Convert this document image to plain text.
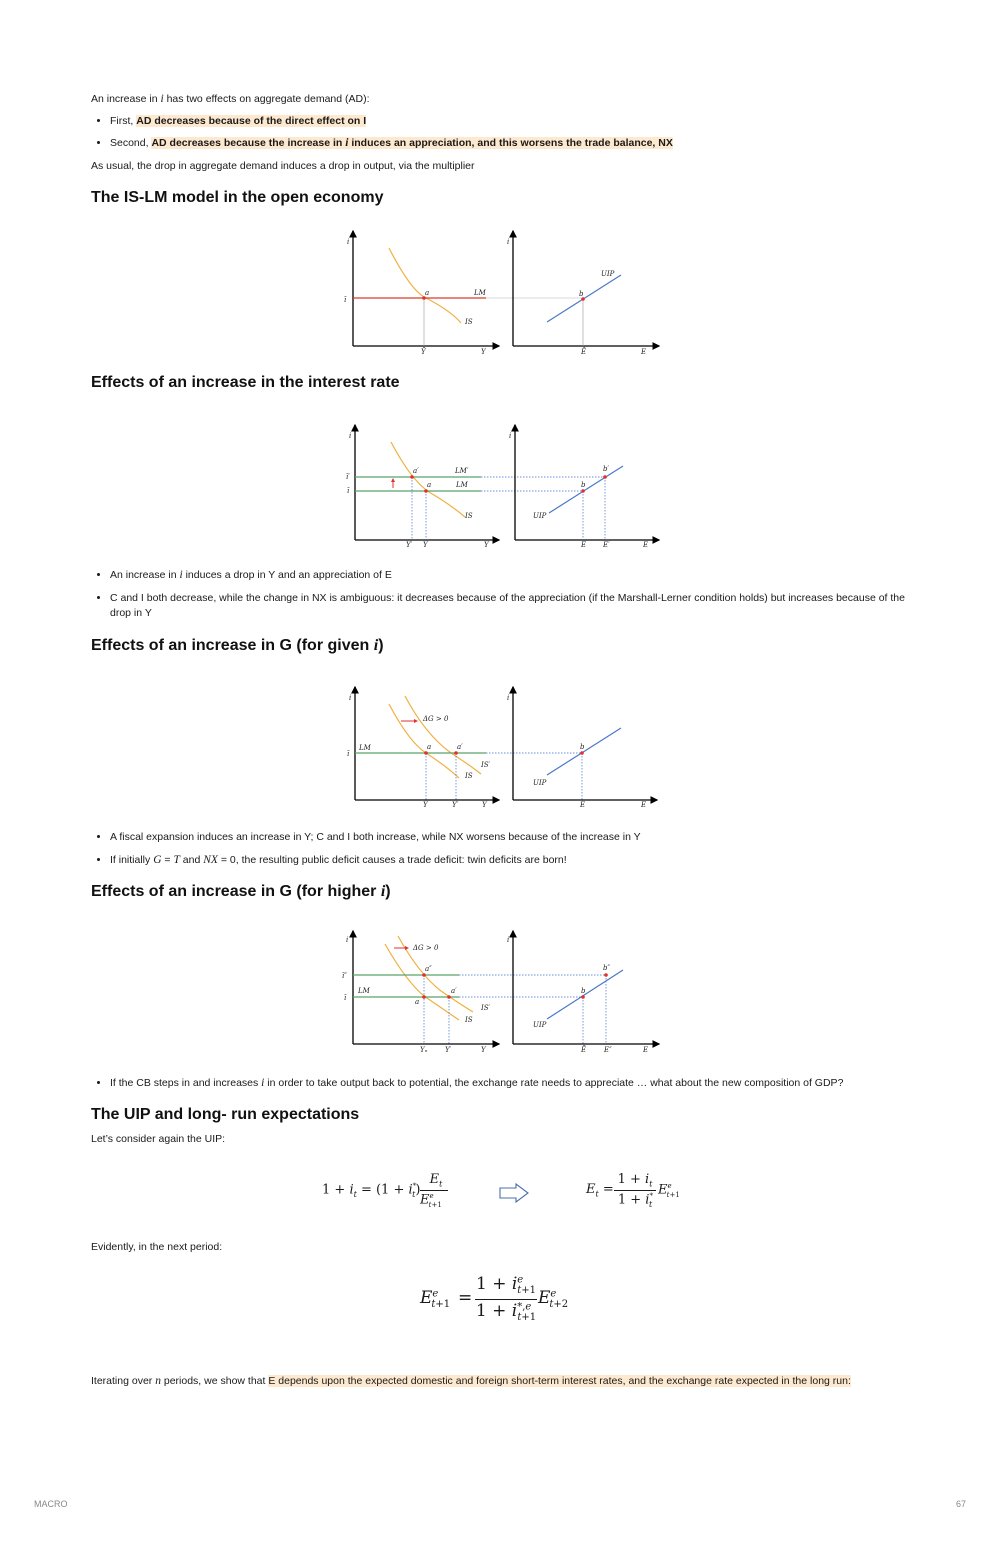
An increase in i has two effects on aggregate demand (AD):

• First, AD decreases because of the direct effect on I
• Second, AD decreases because the increase in i induces an appreciation, and this worsens the trade balance, NX

As usual, the drop in aggregate demand induces a drop in output, via the multiplier

The IS-LM model in the open economy
i
ī
a	LM
IS
Ȳ	Y
i
b
UIP
Ē	E
Effects of an increase in the interest rate
i
ī′
ī
a′
a
LM′
LM
IS
Y′ Ȳ	Y
i
b′
b
UIP
Ē E′	E
• An increase in i induces a drop in Y and an appreciation of E
• C and I both decrease, while the change in NX is ambiguous: it decreases because of the appreciation (if the Marshall-Lerner condition holds) but increases because of the drop in Y
Effects of an increase in G (for given i)
i
ī
LM
ΔG > 0
a	a′
IS′
IS
Ȳ	Y′	Y
i
b
UIP
Ē	E
• A fiscal expansion induces an increase in Y; C and I both increase, while NX worsens because of the increase in Y
• If initially G = T and NX = 0, the resulting public deficit causes a trade deficit: twin deficits are born!
Effects of an increase in G (for higher i)
i
ī″
ī
ΔG > 0
a″
LM	a′
a
IS′
IS
Yₙ	Y′	Y
i
b″
b
UIP
Ē	E″	E
• If the CB steps in and increases i in order to take output back to potential, the exchange rate needs to appreciate … what about the new composition of GDP?
The UIP and long- run expectations

Let’s consider again the UIP:

$1 + i_t = (1 + i^*_t)$
$E_t$
$E^e_{t+1}$
$E_t$ =
$1 + i_t$
$1 + i^*_t$
$E^e_{t+1}$

Evidently, in the next period:

$E^e_{t+1}$ =
$1 + i^e_{t+1}$
$1 + i^{*,e}_{t+1}$
$E^e_{t+2}$

Iterating over n periods, we show that E depends upon the expected domestic and foreign short-term interest rates, and the exchange rate expected in the long run:

MACRO	67
